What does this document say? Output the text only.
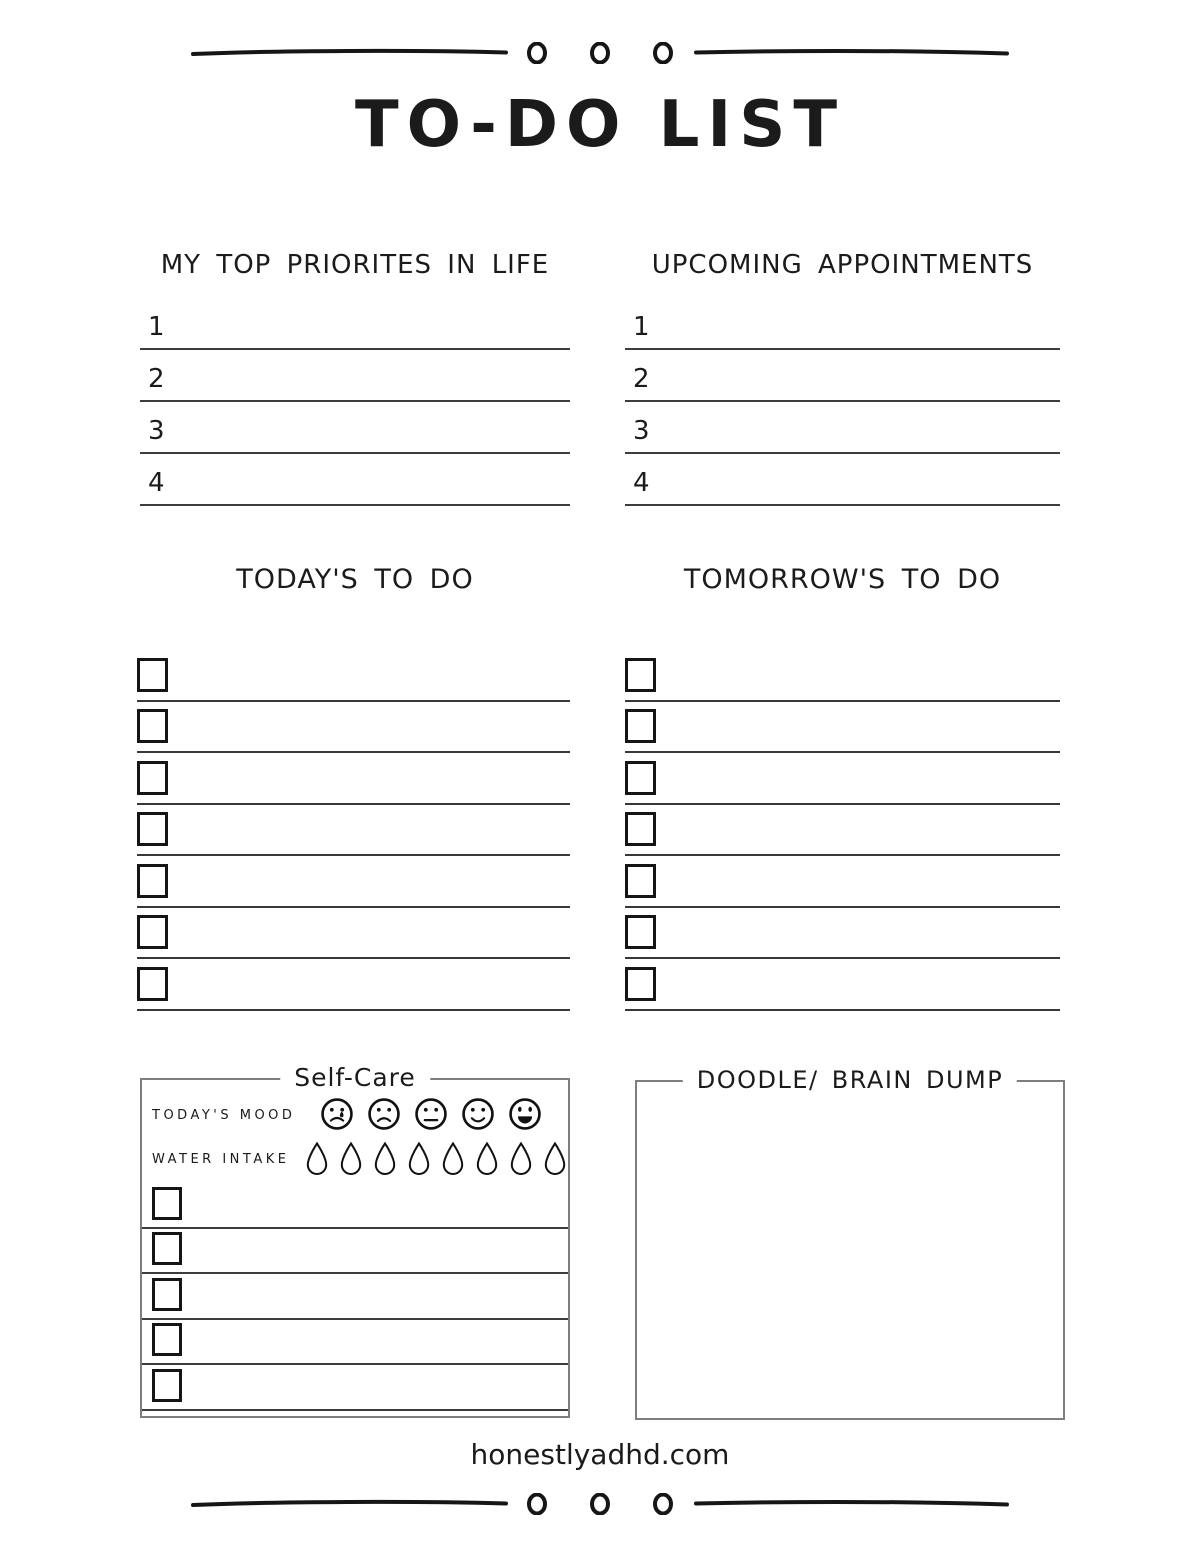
TO-DO LIST
MY TOP PRIORITES IN LIFE	UPCOMING APPOINTMENTS
1
2
3
4
1
2
3
4
TODAY'S TO DO	TOMORROW'S TO DO
Self-Care
TODAY'S MOOD
WATER INTAKE
DOODLE/ BRAIN DUMP

honestlyadhd.com
